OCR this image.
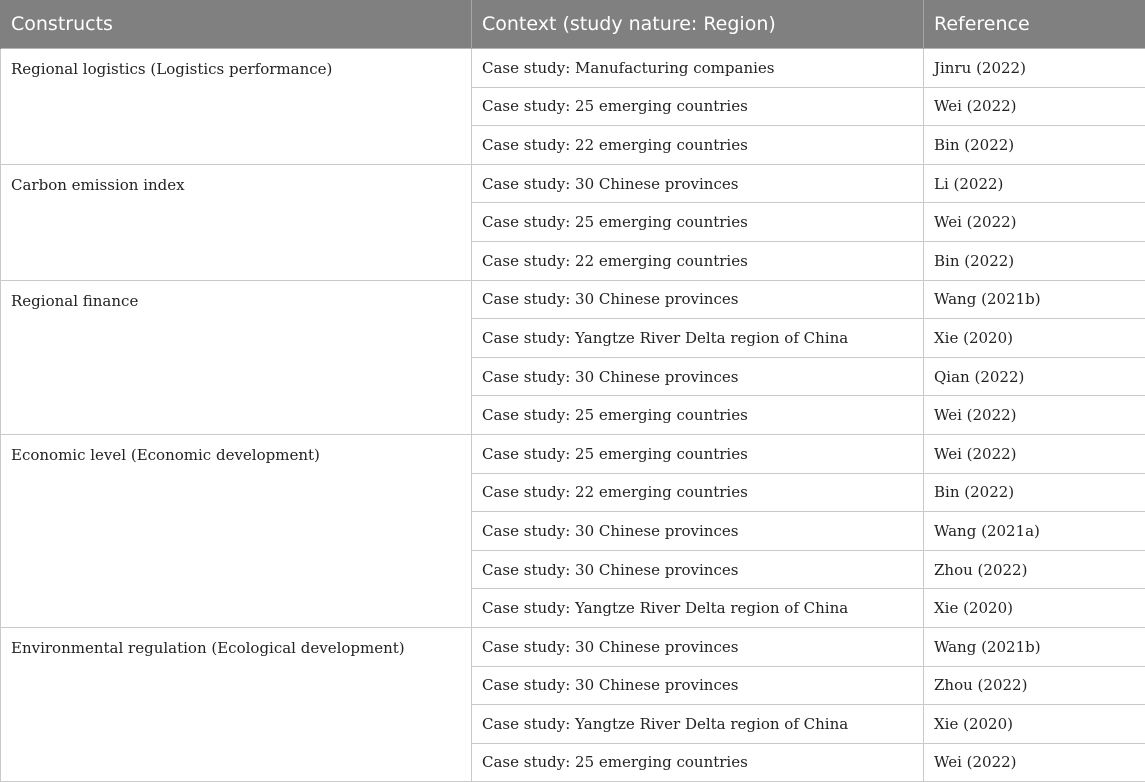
Constructs	Context (study nature: Region)	Reference
Regional logistics (Logistics performance)	Case study: Manufacturing companies	Jinru (2022)
	Case study: 25 emerging countries	Wei (2022)
	Case study: 22 emerging countries	Bin (2022)
Carbon emission index	Case study: 30 Chinese provinces	Li (2022)
	Case study: 25 emerging countries	Wei (2022)
	Case study: 22 emerging countries	Bin (2022)
Regional finance	Case study: 30 Chinese provinces	Wang (2021b)
	Case study: Yangtze River Delta region of China	Xie (2020)
	Case study: 30 Chinese provinces	Qian (2022)
	Case study: 25 emerging countries	Wei (2022)
Economic level (Economic development)	Case study: 25 emerging countries	Wei (2022)
	Case study: 22 emerging countries	Bin (2022)
	Case study: 30 Chinese provinces	Wang (2021a)
	Case study: 30 Chinese provinces	Zhou (2022)
	Case study: Yangtze River Delta region of China	Xie (2020)
Environmental regulation (Ecological development)	Case study: 30 Chinese provinces	Wang (2021b)
	Case study: 30 Chinese provinces	Zhou (2022)
	Case study: Yangtze River Delta region of China	Xie (2020)
	Case study: 25 emerging countries	Wei (2022)
